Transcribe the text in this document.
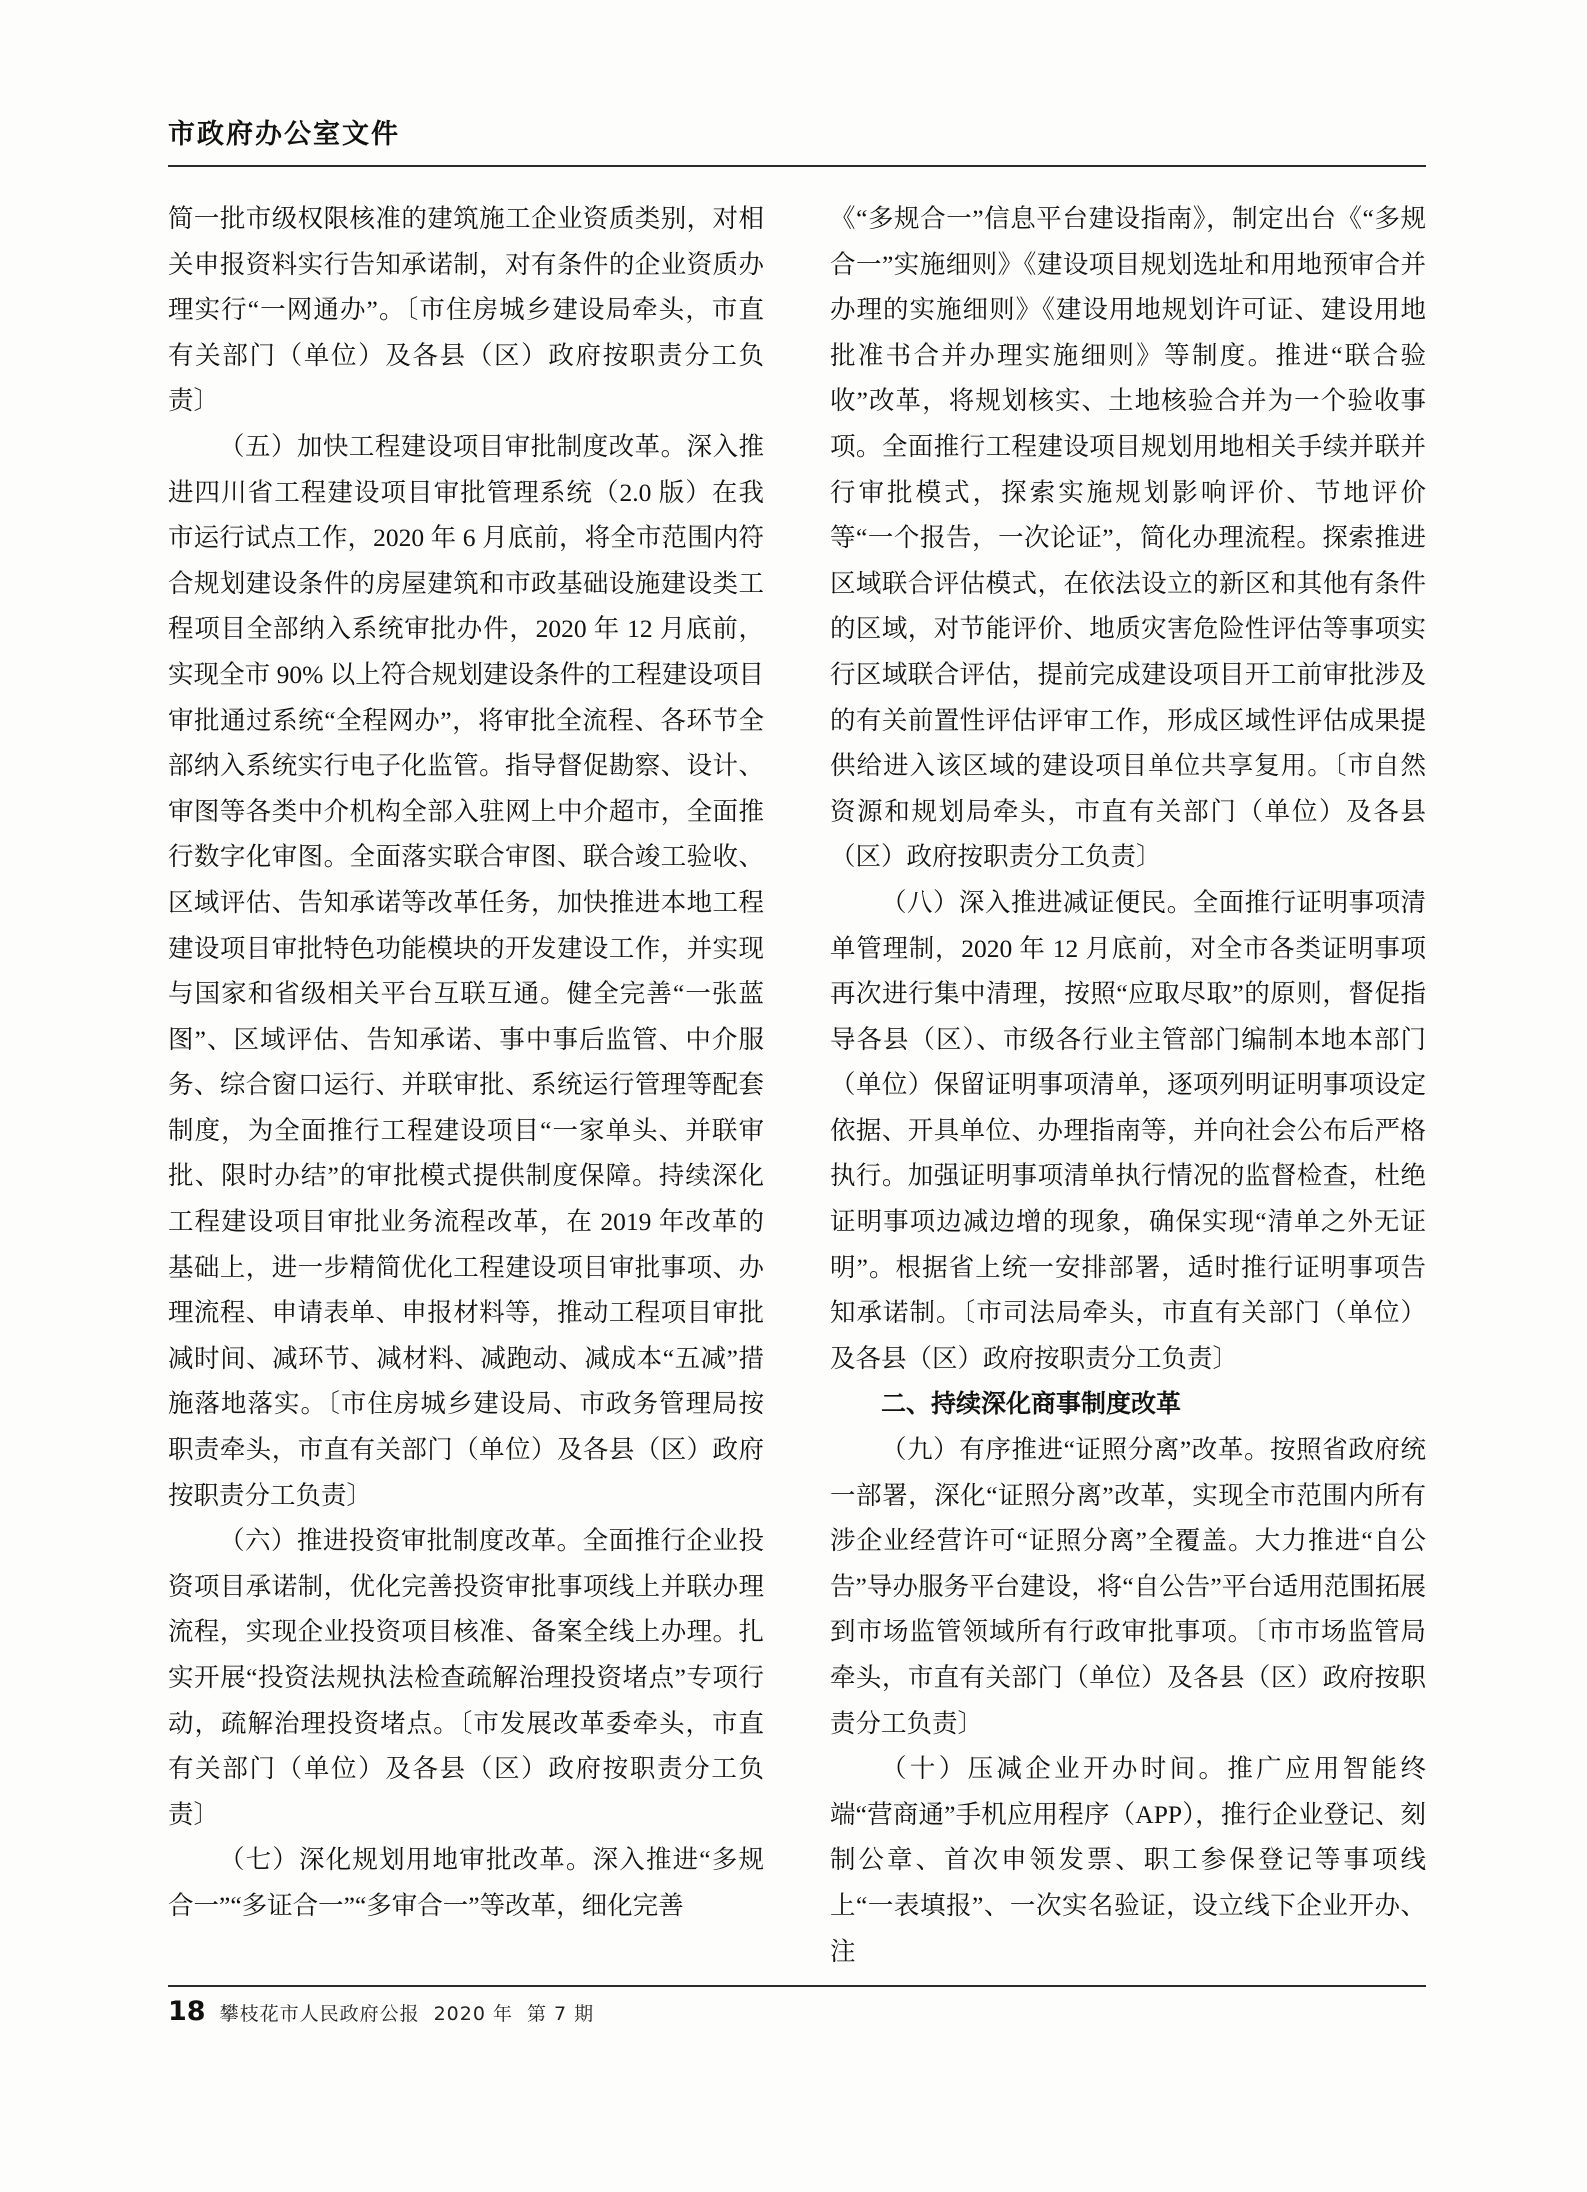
市政府办公室文件

简一批市级权限核准的建筑施工企业资质类别，对相关申报资料实行告知承诺制，对有条件的企业资质办理实行“一网通办”。〔市住房城乡建设局牵头，市直有关部门（单位）及各县（区）政府按职责分工负责〕

（五）加快工程建设项目审批制度改革。深入推进四川省工程建设项目审批管理系统（2.0 版）在我市运行试点工作，2020 年 6 月底前，将全市范围内符合规划建设条件的房屋建筑和市政基础设施建设类工程项目全部纳入系统审批办件，2020 年 12 月底前，实现全市 90% 以上符合规划建设条件的工程建设项目审批通过系统“全程网办”，将审批全流程、各环节全部纳入系统实行电子化监管。指导督促勘察、设计、审图等各类中介机构全部入驻网上中介超市，全面推行数字化审图。全面落实联合审图、联合竣工验收、区域评估、告知承诺等改革任务，加快推进本地工程建设项目审批特色功能模块的开发建设工作，并实现与国家和省级相关平台互联互通。健全完善“一张蓝图”、区域评估、告知承诺、事中事后监管、中介服务、综合窗口运行、并联审批、系统运行管理等配套制度，为全面推行工程建设项目“一家单头、并联审批、限时办结”的审批模式提供制度保障。持续深化工程建设项目审批业务流程改革，在 2019 年改革的基础上，进一步精简优化工程建设项目审批事项、办理流程、申请表单、申报材料等，推动工程项目审批减时间、减环节、减材料、减跑动、减成本“五减”措施落地落实。〔市住房城乡建设局、市政务管理局按职责牵头，市直有关部门（单位）及各县（区）政府按职责分工负责〕

（六）推进投资审批制度改革。全面推行企业投资项目承诺制，优化完善投资审批事项线上并联办理流程，实现企业投资项目核准、备案全线上办理。扎实开展“投资法规执法检查疏解治理投资堵点”专项行动，疏解治理投资堵点。〔市发展改革委牵头，市直有关部门（单位）及各县（区）政府按职责分工负责〕

（七）深化规划用地审批改革。深入推进“多规合一”“多证合一”“多审合一”等改革，细化完善

《“多规合一”信息平台建设指南》，制定出台《“多规合一”实施细则》《建设项目规划选址和用地预审合并办理的实施细则》《建设用地规划许可证、建设用地批准书合并办理实施细则》等制度。推进“联合验收”改革，将规划核实、土地核验合并为一个验收事项。全面推行工程建设项目规划用地相关手续并联并行审批模式，探索实施规划影响评价、节地评价等“一个报告，一次论证”，简化办理流程。探索推进区域联合评估模式，在依法设立的新区和其他有条件的区域，对节能评价、地质灾害危险性评估等事项实行区域联合评估，提前完成建设项目开工前审批涉及的有关前置性评估评审工作，形成区域性评估成果提供给进入该区域的建设项目单位共享复用。〔市自然资源和规划局牵头，市直有关部门（单位）及各县（区）政府按职责分工负责〕

（八）深入推进减证便民。全面推行证明事项清单管理制，2020 年 12 月底前，对全市各类证明事项再次进行集中清理，按照“应取尽取”的原则，督促指导各县（区）、市级各行业主管部门编制本地本部门（单位）保留证明事项清单，逐项列明证明事项设定依据、开具单位、办理指南等，并向社会公布后严格执行。加强证明事项清单执行情况的监督检查，杜绝证明事项边减边增的现象，确保实现“清单之外无证明”。根据省上统一安排部署，适时推行证明事项告知承诺制。〔市司法局牵头，市直有关部门（单位）及各县（区）政府按职责分工负责〕

二、持续深化商事制度改革

（九）有序推进“证照分离”改革。按照省政府统一部署，深化“证照分离”改革，实现全市范围内所有涉企业经营许可“证照分离”全覆盖。大力推进“自公告”导办服务平台建设，将“自公告”平台适用范围拓展到市场监管领域所有行政审批事项。〔市市场监管局牵头，市直有关部门（单位）及各县（区）政府按职责分工负责〕

（十）压减企业开办时间。推广应用智能终端“营商通”手机应用程序（APP），推行企业登记、刻制公章、首次申领发票、职工参保登记等事项线上“一表填报”、一次实名验证，设立线下企业开办、注

18 攀枝花市人民政府公报 2020 年 第 7 期
